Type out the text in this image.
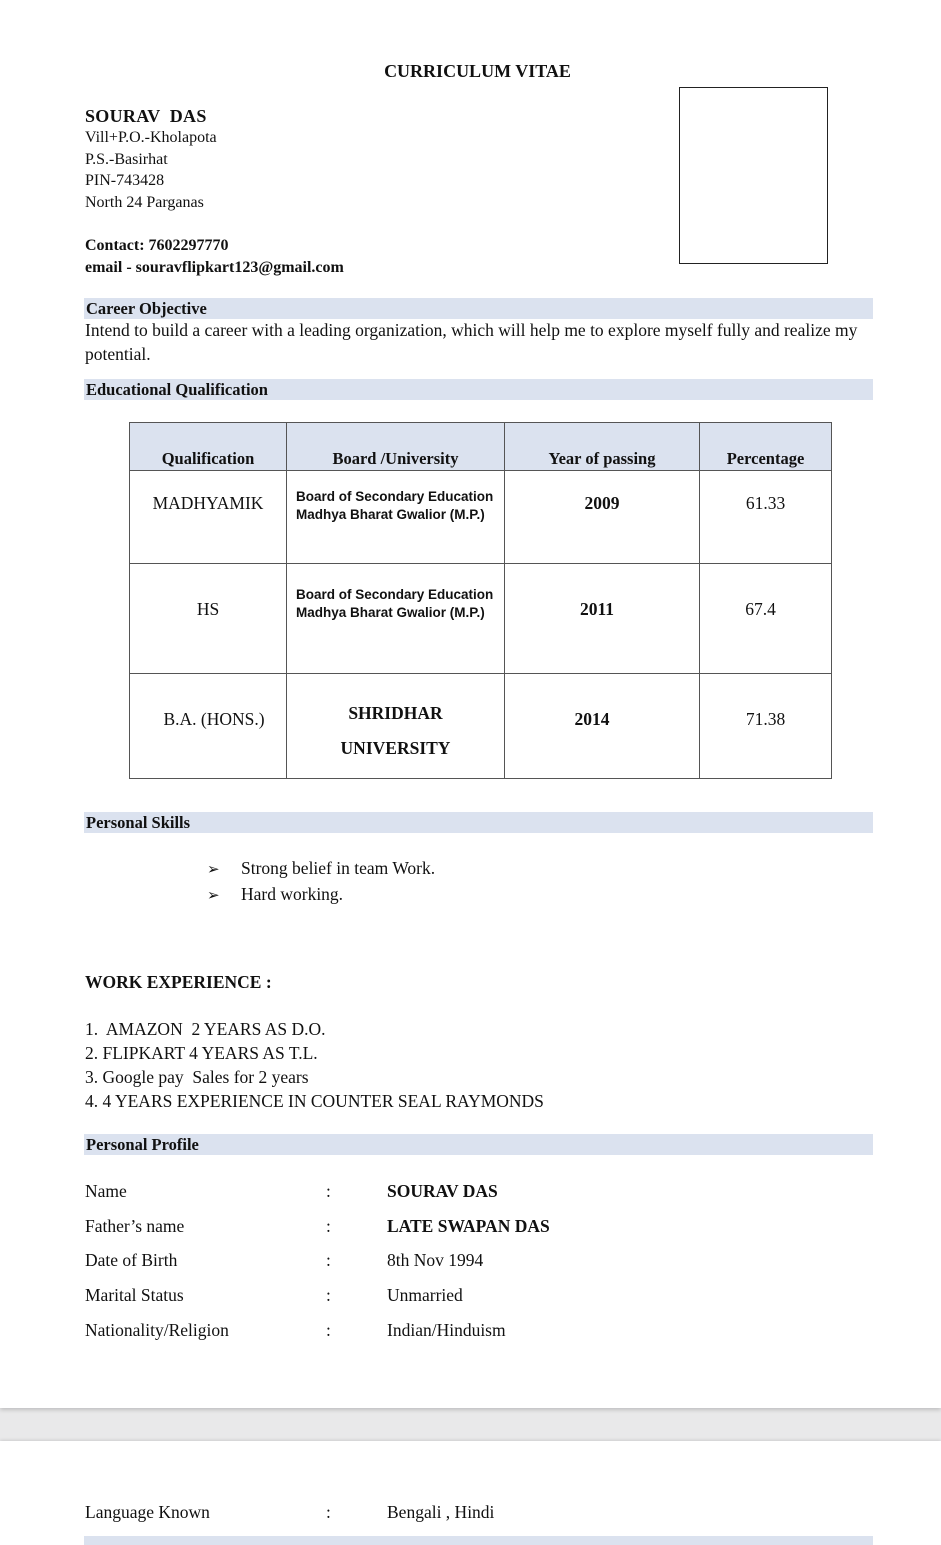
CURRICULUM VITAE
SOURAV  DAS
Vill+P.O.-Kholapota
P.S.-Basirhat
PIN-743428
North 24 Parganas
Contact: 7602297770
email - souravflipkart123@gmail.com
Career Objective
Intend to build a career with a leading organization, which will help me to explore myself fully and realize my potential.
Educational Qualification
Qualification	Board /University	Year of passing	Percentage

MADHYAMIK	Board of Secondary Education Madhya Bharat Gwalior (M.P.)	2009	61.33

HS	Board of Secondary Education Madhya Bharat Gwalior (M.P.)	2011	67.4

B.A. (HONS.)	SHRIDHAR UNIVERSITY	2014	71.38
Personal Skills
➢ Strong belief in team Work.
➢ Hard working.
WORK EXPERIENCE :
1.  AMAZON  2 YEARS AS D.O.
2. FLIPKART 4 YEARS AS T.L.
3. Google pay  Sales for 2 years
4. 4 YEARS EXPERIENCE IN COUNTER SEAL RAYMONDS
Personal Profile
Name	:	SOURAV DAS
Father’s name	:	LATE SWAPAN DAS
Date of Birth	:	8th Nov 1994
Marital Status	:	Unmarried
Nationality/Religion	:	Indian/Hinduism
Language Known	:	Bengali , Hindi
